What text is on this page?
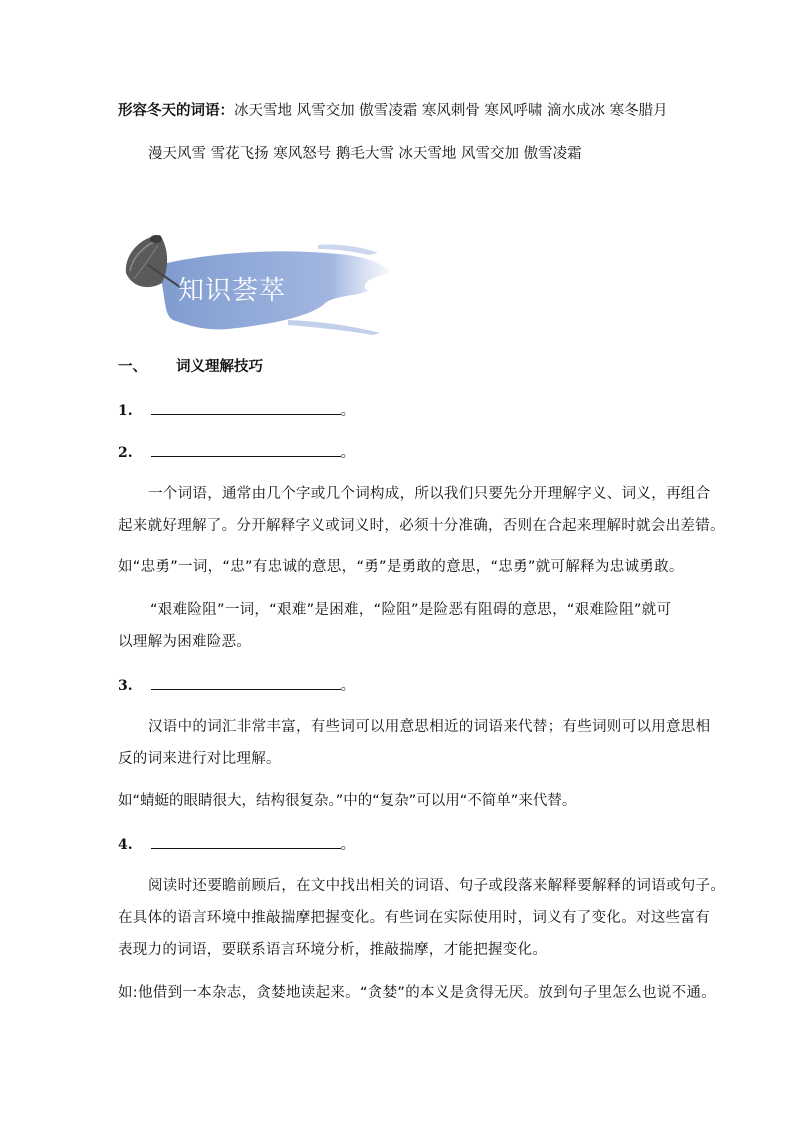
形容冬天的词语：冰天雪地 风雪交加 傲雪凌霜 寒风刺骨 寒风呼啸 滴水成冰 寒冬腊月
漫天风雪 雪花飞扬 寒风怒号 鹅毛大雪 冰天雪地 风雪交加 傲雪凌霜
知识荟萃
一、 词义理解技巧
1.	。
2.	。
一个词语，通常由几个字或几个词构成，所以我们只要先分开理解字义、词义，再组合
起来就好理解了。分开解释字义或词义时，必须十分准确，否则在合起来理解时就会出差错。
如“忠勇”一词，“忠”有忠诚的意思，“勇”是勇敢的意思，“忠勇”就可解释为忠诚勇敢。
“艰难险阻”一词，“艰难”是困难，“险阻”是险恶有阻碍的意思，“艰难险阻”就可
以理解为困难险恶。
3.	。
汉语中的词汇非常丰富，有些词可以用意思相近的词语来代替；有些词则可以用意思相
反的词来进行对比理解。
如“蜻蜓的眼睛很大，结构很复杂。”中的“复杂”可以用“不简单”来代替。
4.	。
阅读时还要瞻前顾后，在文中找出相关的词语、句子或段落来解释要解释的词语或句子。
在具体的语言环境中推敲揣摩把握变化。有些词在实际使用时，词义有了变化。对这些富有
表现力的词语，要联系语言环境分析，推敲揣摩，才能把握变化。
如:他借到一本杂志，贪婪地读起来。“贪婪”的本义是贪得无厌。放到句子里怎么也说不通。
